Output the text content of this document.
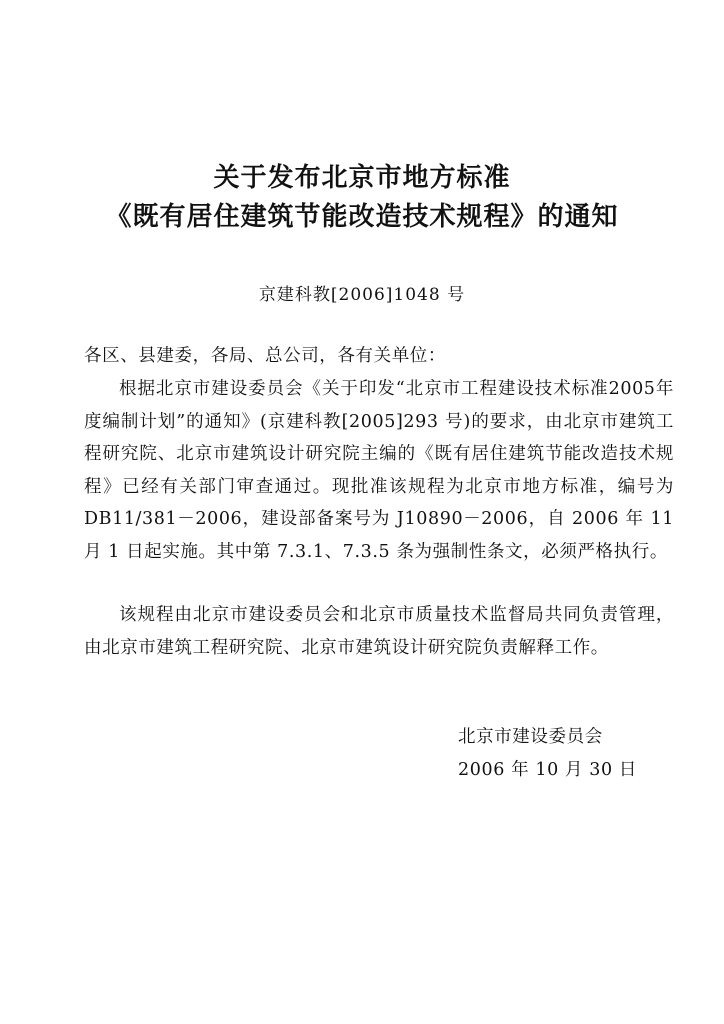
关于发布北京市地方标准
《既有居住建筑节能改造技术规程》的通知
京建科教[2006]1048 号

各区、县建委，各局、总公司，各有关单位：

根据北京市建设委员会《关于印发“北京市工程建设技术标准2005年度编制计划”的通知》(京建科教[2005]293 号)的要求，由北京市建筑工程研究院、北京市建筑设计研究院主编的《既有居住建筑节能改造技术规程》已经有关部门审查通过。现批准该规程为北京市地方标准，编号为 DB11/381－2006，建设部备案号为 J10890－2006，自 2006 年 11 月 1 日起实施。其中第 7.3.1、7.3.5 条为强制性条文，必须严格执行。

该规程由北京市建设委员会和北京市质量技术监督局共同负责管理，由北京市建筑工程研究院、北京市建筑设计研究院负责解释工作。

北京市建设委员会
2006 年 10 月 30 日
